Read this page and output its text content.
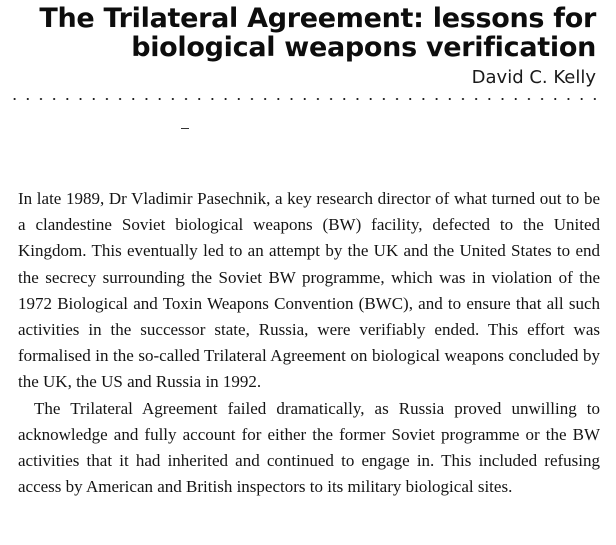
The Trilateral Agreement: lessons for
biological weapons verification
David C. Kelly

In late 1989, Dr Vladimir Pasechnik, a key research director of what turned out to be a clandestine Soviet biological weapons (BW) facility, defected to the United Kingdom. This eventually led to an attempt by the UK and the United States to end the secrecy surrounding the Soviet BW programme, which was in violation of the 1972 Biological and Toxin Weapons Convention (BWC), and to ensure that all such activities in the successor state, Russia, were verifiably ended. This effort was formalised in the so-called Trilateral Agreement on biological weapons concluded by the UK, the US and Russia in 1992.

The Trilateral Agreement failed dramatically, as Russia proved unwilling to acknowledge and fully account for either the former Soviet programme or the BW activities that it had inherited and continued to engage in. This included refusing access by American and British inspectors to its military biological sites.
